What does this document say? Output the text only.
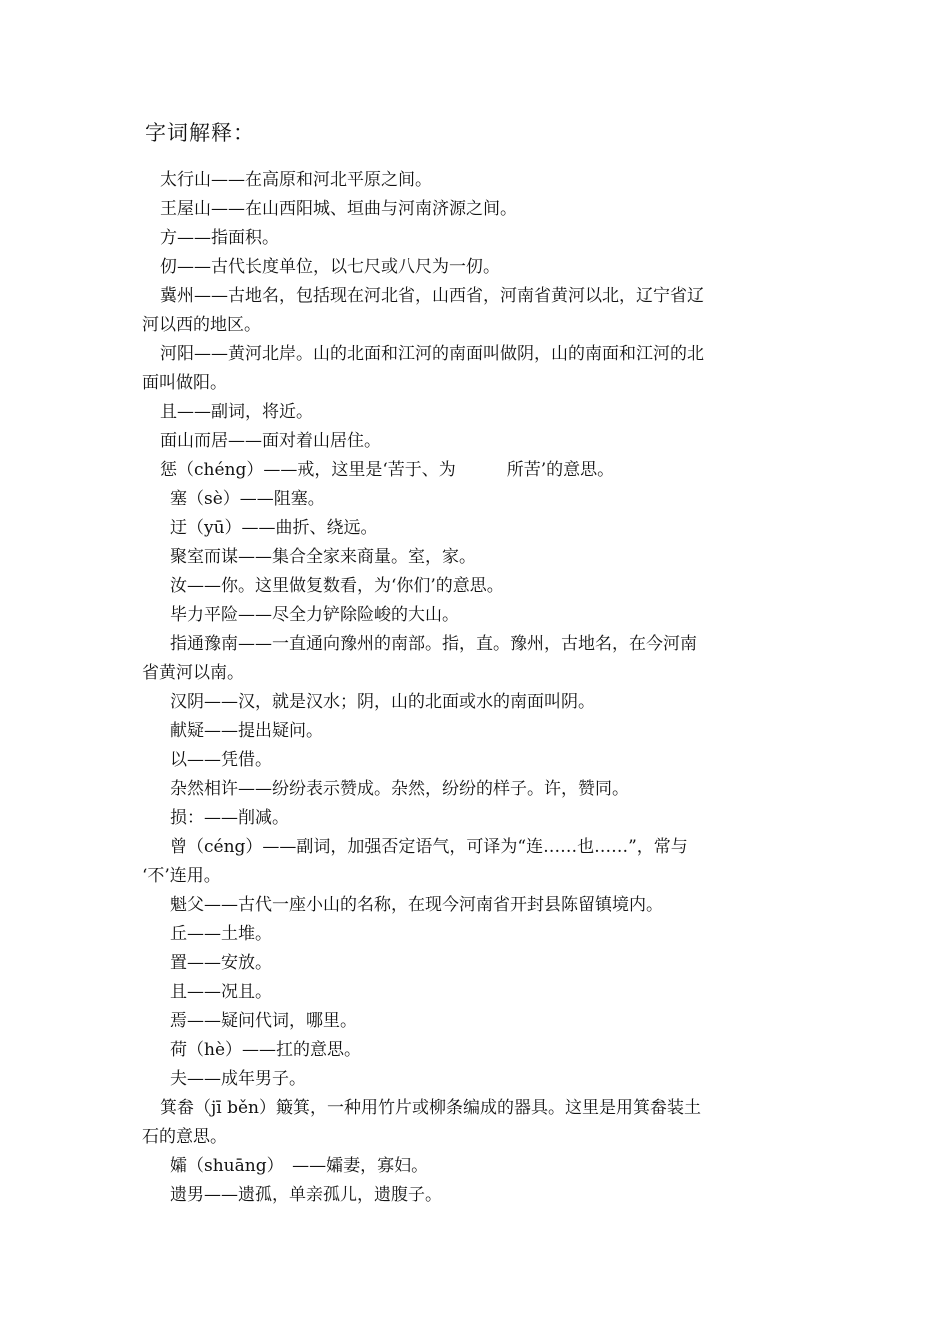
字词解释：
太行山——在高原和河北平原之间。
王屋山——在山西阳城、垣曲与河南济源之间。
方——指面积。
仞——古代长度单位，以七尺或八尺为一仞。
冀州——古地名，包括现在河北省，山西省，河南省黄河以北，辽宁省辽
河以西的地区。
河阳——黄河北岸。山的北面和江河的南面叫做阴，山的南面和江河的北
面叫做阳。
且——副词，将近。
面山而居——面对着山居住。
惩（chéng）——戒，这里是‘苦于、为　　　所苦’的意思。
塞（sè）——阻塞。
迂（yū）——曲折、绕远。
聚室而谋——集合全家来商量。室，家。
汝——你。这里做复数看，为‘你们’的意思。
毕力平险——尽全力铲除险峻的大山。
指通豫南——一直通向豫州的南部。指，直。豫州，古地名，在今河南
省黄河以南。
汉阴——汉，就是汉水；阴，山的北面或水的南面叫阴。
献疑——提出疑问。
以——凭借。
杂然相许——纷纷表示赞成。杂然，纷纷的样子。许，赞同。
损：——削减。
曾（céng）——副词，加强否定语气，可译为“连……也……”，常与
‘不’连用。
魁父——古代一座小山的名称，在现今河南省开封县陈留镇境内。
丘——土堆。
置——安放。
且——况且。
焉——疑问代词，哪里。
荷（hè）——扛的意思。
夫——成年男子。
箕畚（jī běn）簸箕，一种用竹片或柳条编成的器具。这里是用箕畚装土
石的意思。
孀（shuāng）　——孀妻，寡妇。
遗男——遗孤，单亲孤儿，遗腹子。
